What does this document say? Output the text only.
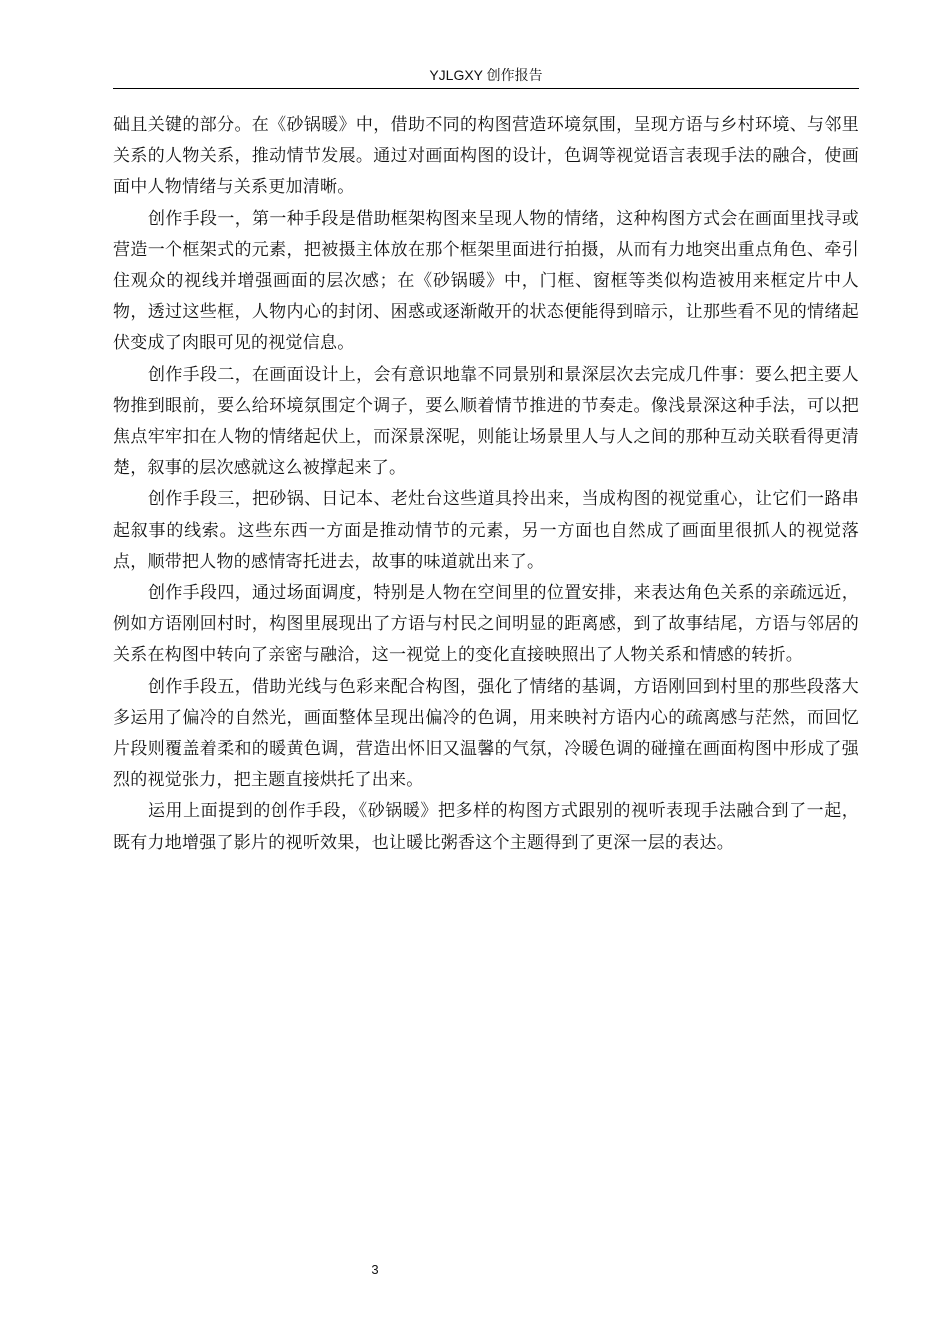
YJLGXY 创作报告

础且关键的部分。在《砂锅暖》中，借助不同的构图营造环境氛围，呈现方语与乡村环境、与邻里关系的人物关系，推动情节发展。通过对画面构图的设计，色调等视觉语言表现手法的融合，使画面中人物情绪与关系更加清晰。

创作手段一，第一种手段是借助框架构图来呈现人物的情绪，这种构图方式会在画面里找寻或营造一个框架式的元素，把被摄主体放在那个框架里面进行拍摄，从而有力地突出重点角色、牵引住观众的视线并增强画面的层次感；在《砂锅暖》中，门框、窗框等类似构造被用来框定片中人物，透过这些框，人物内心的封闭、困惑或逐渐敞开的状态便能得到暗示，让那些看不见的情绪起伏变成了肉眼可见的视觉信息。

创作手段二，在画面设计上，会有意识地靠不同景别和景深层次去完成几件事：要么把主要人物推到眼前，要么给环境氛围定个调子，要么顺着情节推进的节奏走。像浅景深这种手法，可以把焦点牢牢扣在人物的情绪起伏上，而深景深呢，则能让场景里人与人之间的那种互动关联看得更清楚，叙事的层次感就这么被撑起来了。

创作手段三，把砂锅、日记本、老灶台这些道具拎出来，当成构图的视觉重心，让它们一路串起叙事的线索。这些东西一方面是推动情节的元素，另一方面也自然成了画面里很抓人的视觉落点，顺带把人物的感情寄托进去，故事的味道就出来了。

创作手段四，通过场面调度，特别是人物在空间里的位置安排，来表达角色关系的亲疏远近，例如方语刚回村时，构图里展现出了方语与村民之间明显的距离感，到了故事结尾，方语与邻居的关系在构图中转向了亲密与融洽，这一视觉上的变化直接映照出了人物关系和情感的转折。

创作手段五，借助光线与色彩来配合构图，强化了情绪的基调，方语刚回到村里的那些段落大多运用了偏冷的自然光，画面整体呈现出偏冷的色调，用来映衬方语内心的疏离感与茫然，而回忆片段则覆盖着柔和的暖黄色调，营造出怀旧又温馨的气氛，冷暖色调的碰撞在画面构图中形成了强烈的视觉张力，把主题直接烘托了出来。

运用上面提到的创作手段，《砂锅暖》把多样的构图方式跟别的视听表现手法融合到了一起，既有力地增强了影片的视听效果，也让暖比粥香这个主题得到了更深一层的表达。

3
